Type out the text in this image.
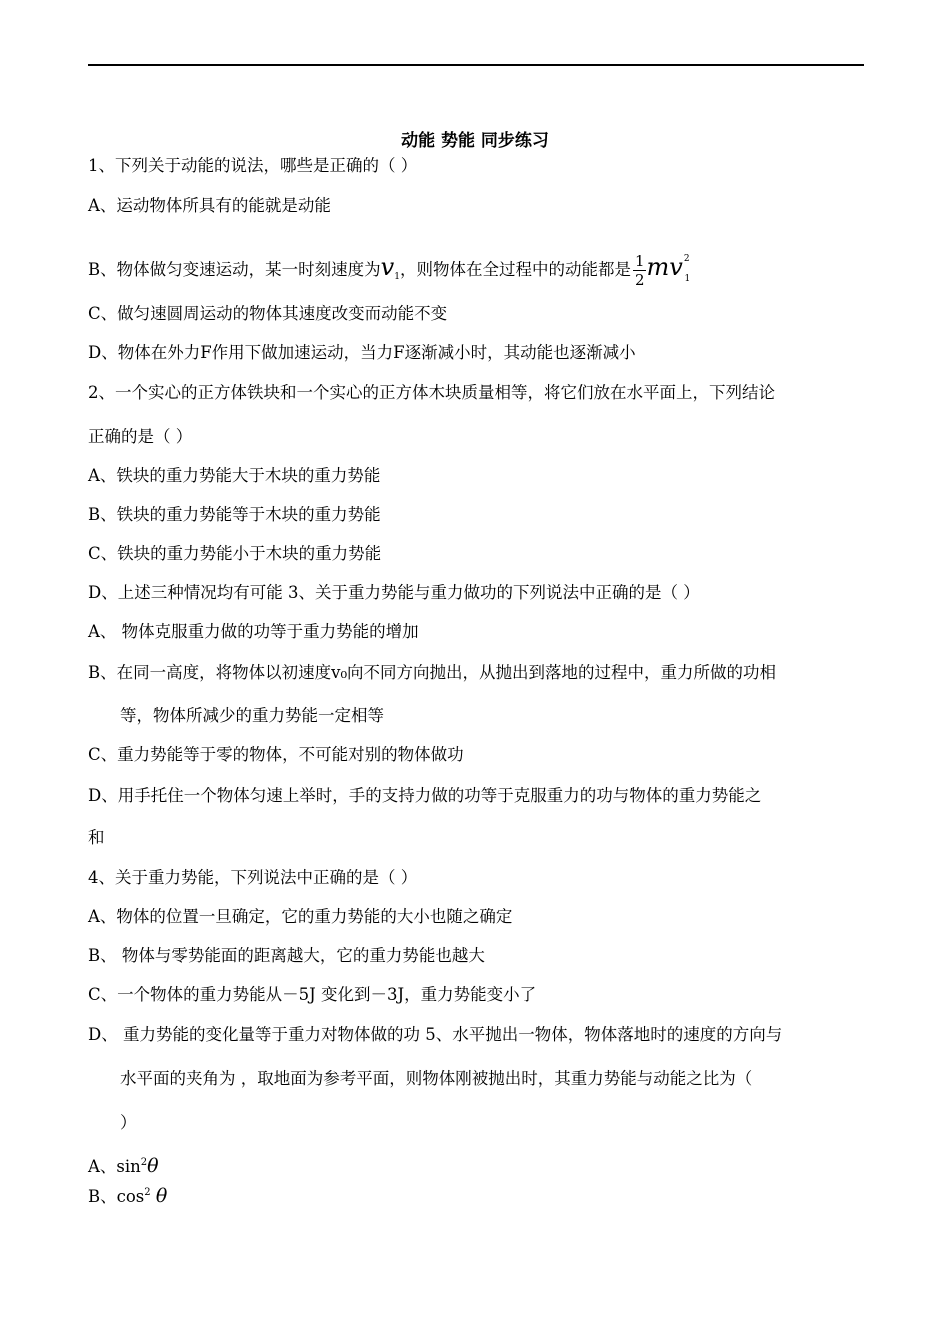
动能 势能 同步练习
1、下列关于动能的说法，哪些是正确的（ ）
A、运动物体所具有的能就是动能
B、物体做匀变速运动，某一时刻速度为$v_1$，则物体在全过程中的动能都是 $\frac{1}{2} mv^2_1$
C、做匀速圆周运动的物体其速度改变而动能不变
D、物体在外力F作用下做加速运动，当力F逐渐减小时，其动能也逐渐减小
2、一个实心的正方体铁块和一个实心的正方体木块质量相等，将它们放在水平面上，下列结论
正确的是（ ）
A、铁块的重力势能大于木块的重力势能
B、铁块的重力势能等于木块的重力势能
C、铁块的重力势能小于木块的重力势能
D、上述三种情况均有可能 3、关于重力势能与重力做功的下列说法中正确的是（ ）
A、 物体克服重力做的功等于重力势能的增加
B、在同一高度，将物体以初速度v₀向不同方向抛出，从抛出到落地的过程中，重力所做的功相
等，物体所减少的重力势能一定相等
C、重力势能等于零的物体，不可能对别的物体做功
D、用手托住一个物体匀速上举时，手的支持力做的功等于克服重力的功与物体的重力势能之
和
4、关于重力势能，下列说法中正确的是（ ）
A、物体的位置一旦确定，它的重力势能的大小也随之确定
B、 物体与零势能面的距离越大，它的重力势能也越大
C、一个物体的重力势能从－5J 变化到－3J，重力势能变小了
D、 重力势能的变化量等于重力对物体做的功 5、水平抛出一物体，物体落地时的速度的方向与
水平面的夹角为 ，取地面为参考平面，则物体刚被抛出时，其重力势能与动能之比为（
）
A、$\sin^2\theta$
B、$\cos^2 \theta$
